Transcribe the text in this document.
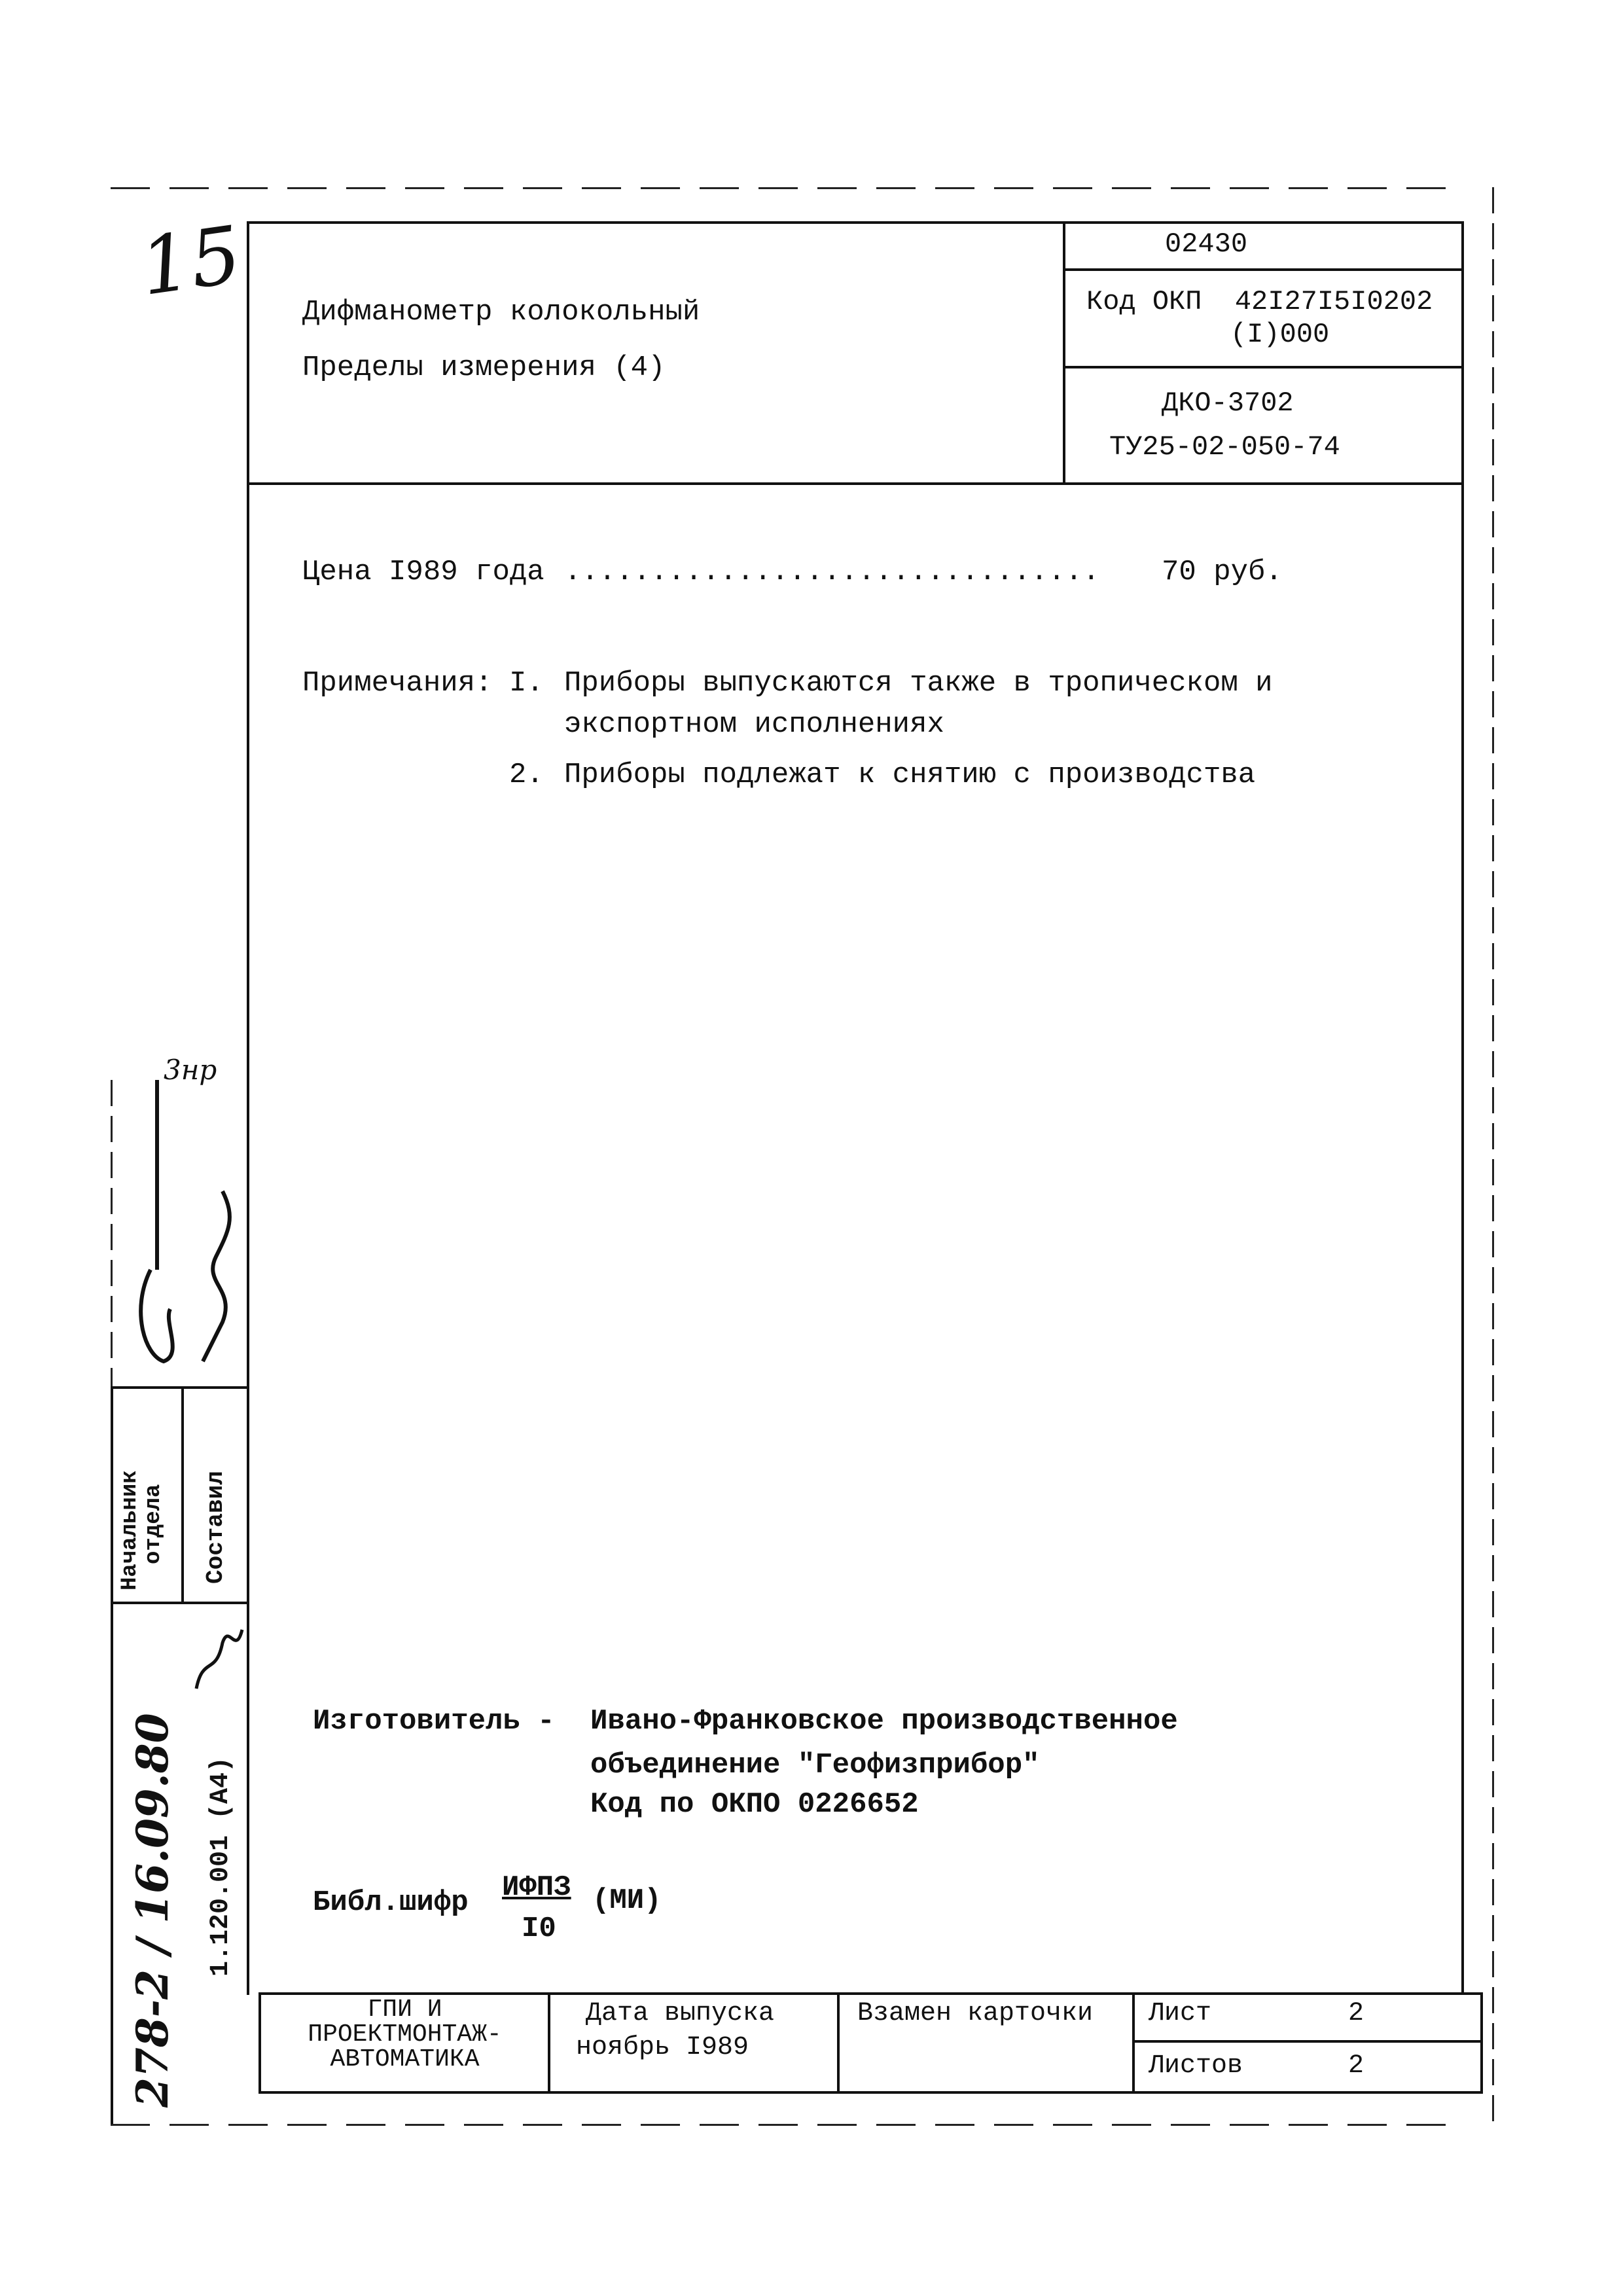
15 Дифманометр колокольный
Пределы измерения (4)
02430
Код ОКП  42I27I5I0202
(I)000
ДКО-3702
ТУ25-02-050-74
Цена I989 года ............................... 70 руб.
Примечания: I. Приборы выпускаются также в тропическом и
экспортном исполнениях
2. Приборы подлежат к снятию с производства
Изготовитель - Ивано-Франковское производственное
объединение "Геофизприбор"
Код по ОКПО 0226652
Библ.шифр ИФПЗ
I0
(МИ)
ГПИ И
ПРОЕКТМОНТАЖ-
АВТОМАТИКА
Дата выпуска
ноябрь I989
Взамен карточки Лист	2
Листов	2
Начальник
отдела Составил
1.120.001 (А4)
278-2 / 16.09.80
3нр
